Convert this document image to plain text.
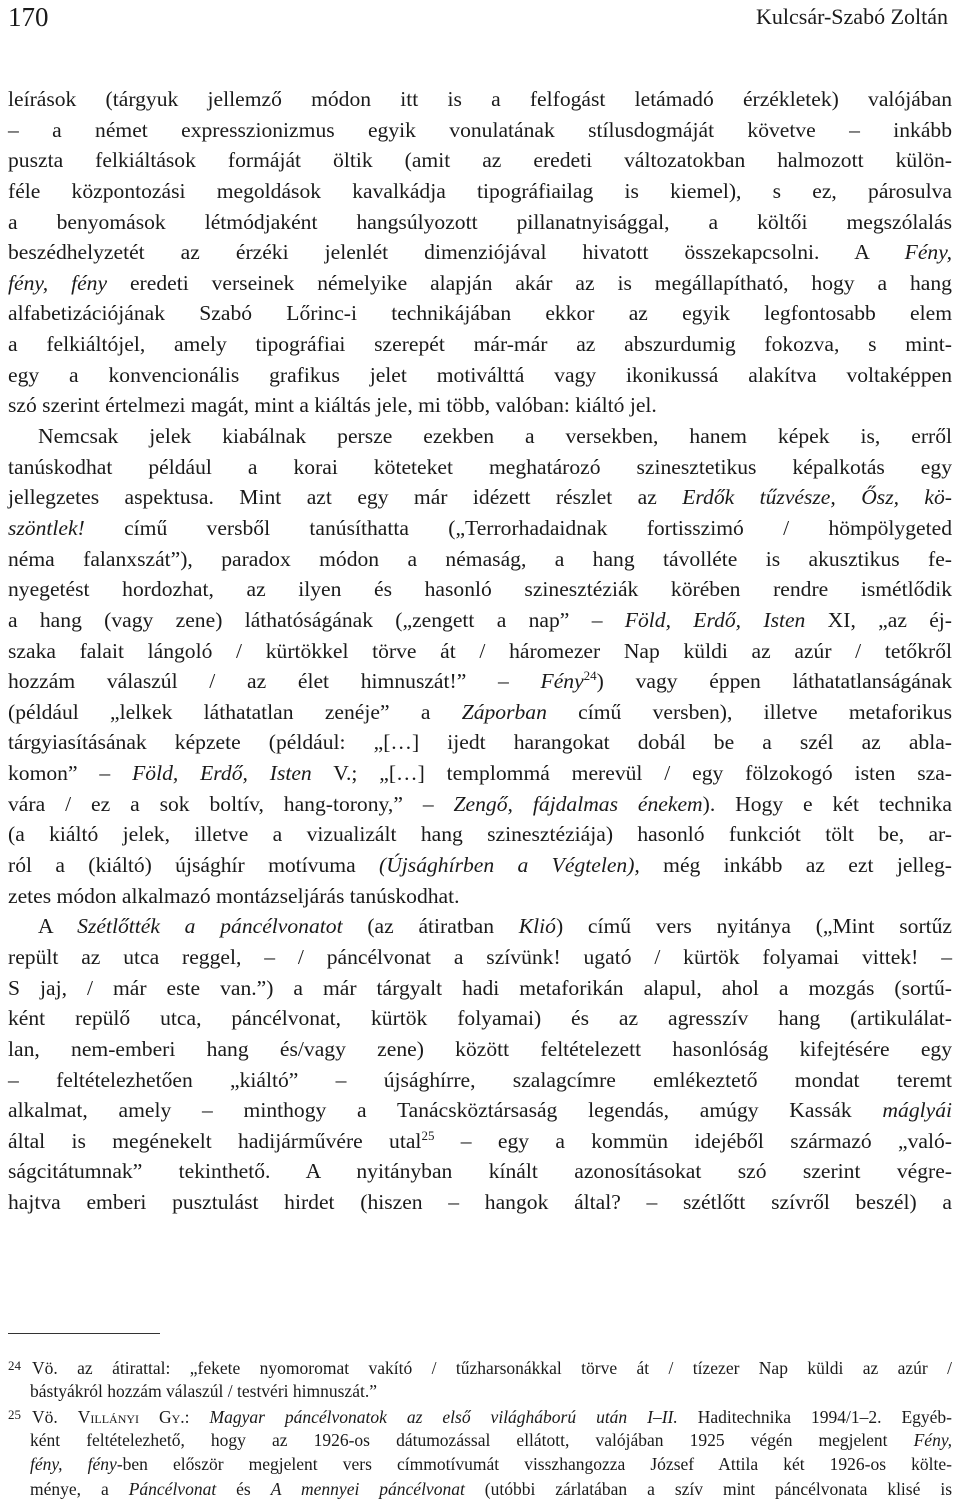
170	Kulcsár-Szabó Zoltán
leírások (tárgyuk jellemző módon itt is a felfogást letámadó érzékletek) valójában
– a német expresszionizmus egyik vonulatának stílusdogmáját követve – inkább
puszta felkiáltások formáját öltik (amit az eredeti változatokban halmozott külön-
féle központozási megoldások kavalkádja tipográfiailag is kiemel), s ez, párosulva
a benyomások létmódjaként hangsúlyozott pillanatnyisággal, a költői megszólalás
beszédhelyzetét az érzéki jelenlét dimenziójával hivatott összekapcsolni. A Fény,
fény, fény eredeti verseinek némelyike alapján akár az is megállapítható, hogy a hang
alfabetizációjának Szabó Lőrinc-i technikájában ekkor az egyik legfontosabb elem
a felkiáltójel, amely tipográfiai szerepét már-már az abszurdumig fokozva, s mint-
egy a konvencionális grafikus jelet motiválttá vagy ikonikussá alakítva voltaképpen
szó szerint értelmezi magát, mint a kiáltás jele, mi több, valóban: kiáltó jel.
Nemcsak jelek kiabálnak persze ezekben a versekben, hanem képek is, erről
tanúskodhat például a korai köteteket meghatározó szinesztetikus képalkotás egy
jellegzetes aspektusa. Mint azt egy már idézett részlet az Erdők tűzvésze, Ősz, kö-
szöntlek! című versből tanúsíthatta („Terrorhadaidnak fortisszimó / hömpölygeted
néma falanxszát”), paradox módon a némaság, a hang távolléte is akusztikus fe-
nyegetést hordozhat, az ilyen és hasonló szinesztéziák körében rendre ismétlődik
a hang (vagy zene) láthatóságának („zengett a nap” – Föld, Erdő, Isten XI, „az éj-
szaka falait lángoló / kürtökkel törve át / háromezer Nap küldi az azúr / tetőkről
hozzám válaszúl / az élet himnuszát!” – Fény$^{24}$) vagy éppen láthatatlanságának
(például „lelkek láthatatlan zenéje” a Záporban című versben), illetve metaforikus
tárgyiasításának képzete (például: „[…] ijedt harangokat dobál be a szél az abla-
komon” – Föld, Erdő, Isten V.; „[…] templommá merevül / egy fölzokogó isten sza-
vára / ez a sok boltív, hang-torony,” – Zengő, fájdalmas énekem). Hogy e két technika
(a kiáltó jelek, illetve a vizualizált hang szinesztéziája) hasonló funkciót tölt be, ar-
ról a (kiáltó) újsághír motívuma (Újsághírben a Végtelen), még inkább az ezt jelleg-
zetes módon alkalmazó montázseljárás tanúskodhat.
A Szétlőtték a páncélvonatot (az átiratban Klió) című vers nyitánya („Mint sortűz
repült az utca reggel, – / páncélvonat a szívünk! ugató / kürtök folyamai vittek! –
S jaj, / már este van.”) a már tárgyalt hadi metaforikán alapul, ahol a mozgás (sortű-
ként repülő utca, páncélvonat, kürtök folyamai) és az agresszív hang (artikulálat-
lan, nem-emberi hang és/vagy zene) között feltételezett hasonlóság kifejtésére egy
– feltételezhetően „kiáltó” – újsághírre, szalagcímre emlékeztető mondat teremt
alkalmat, amely – minthogy a Tanácsköztársaság legendás, amúgy Kassák máglyái
által is megénekelt hadijárművére utal$^{25}$ – egy a kommün idejéből származó „való-
ságcitátumnak” tekinthető. A nyitányban kínált azonosításokat szó szerint végre-
hajtva emberi pusztulást hirdet (hiszen – hangok által? – szétlőtt szívről beszél) a
24 Vö. az átirattal: „fekete nyomoromat vakító / tűzharsonákkal törve át / tízezer Nap küldi az azúr /
bástyákról hozzám válaszúl / testvéri himnuszát.”
25 Vö. Villányi Gy.: Magyar páncélvonatok az első világháború után I–II. Haditechnika 1994/1–2. Egyéb-
ként feltételezhető, hogy az 1926-os dátumozással ellátott, valójában 1925 végén megjelent Fény,
fény, fény-ben először megjelent vers címmotívumát visszhangozza József Attila két 1926-os költe-
ménye, a Páncélvonat és A mennyei páncélvonat (utóbbi zárlatában a szív mint páncélvonata klisé is
